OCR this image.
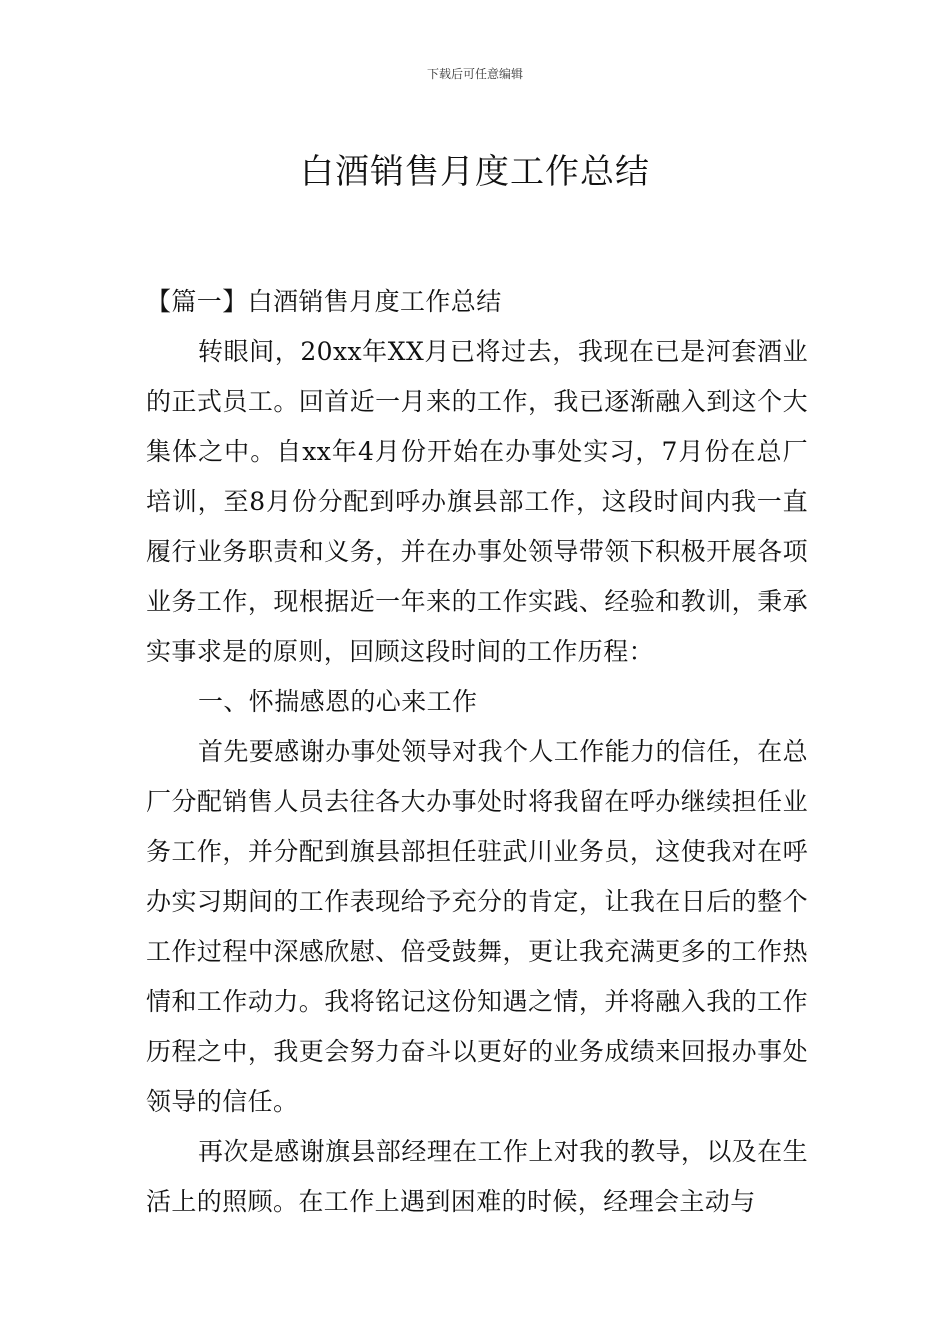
下载后可任意编辑
白酒销售月度工作总结

【篇一】白酒销售月度工作总结

转眼间，20xx年XX月已将过去，我现在已是河套酒业的正式员工。回首近一月来的工作，我已逐渐融入到这个大集体之中。自xx年4月份开始在办事处实习，7月份在总厂培训，至8月份分配到呼办旗县部工作，这段时间内我一直履行业务职责和义务，并在办事处领导带领下积极开展各项业务工作，现根据近一年来的工作实践、经验和教训，秉承实事求是的原则，回顾这段时间的工作历程：

一、怀揣感恩的心来工作

首先要感谢办事处领导对我个人工作能力的信任，在总厂分配销售人员去往各大办事处时将我留在呼办继续担任业务工作，并分配到旗县部担任驻武川业务员，这使我对在呼办实习期间的工作表现给予充分的肯定，让我在日后的整个工作过程中深感欣慰、倍受鼓舞，更让我充满更多的工作热情和工作动力。我将铭记这份知遇之情，并将融入我的工作历程之中，我更会努力奋斗以更好的业务成绩来回报办事处领导的信任。

再次是感谢旗县部经理在工作上对我的教导，以及在生活上的照顾。在工作上遇到困难的时候，经理会主动与
